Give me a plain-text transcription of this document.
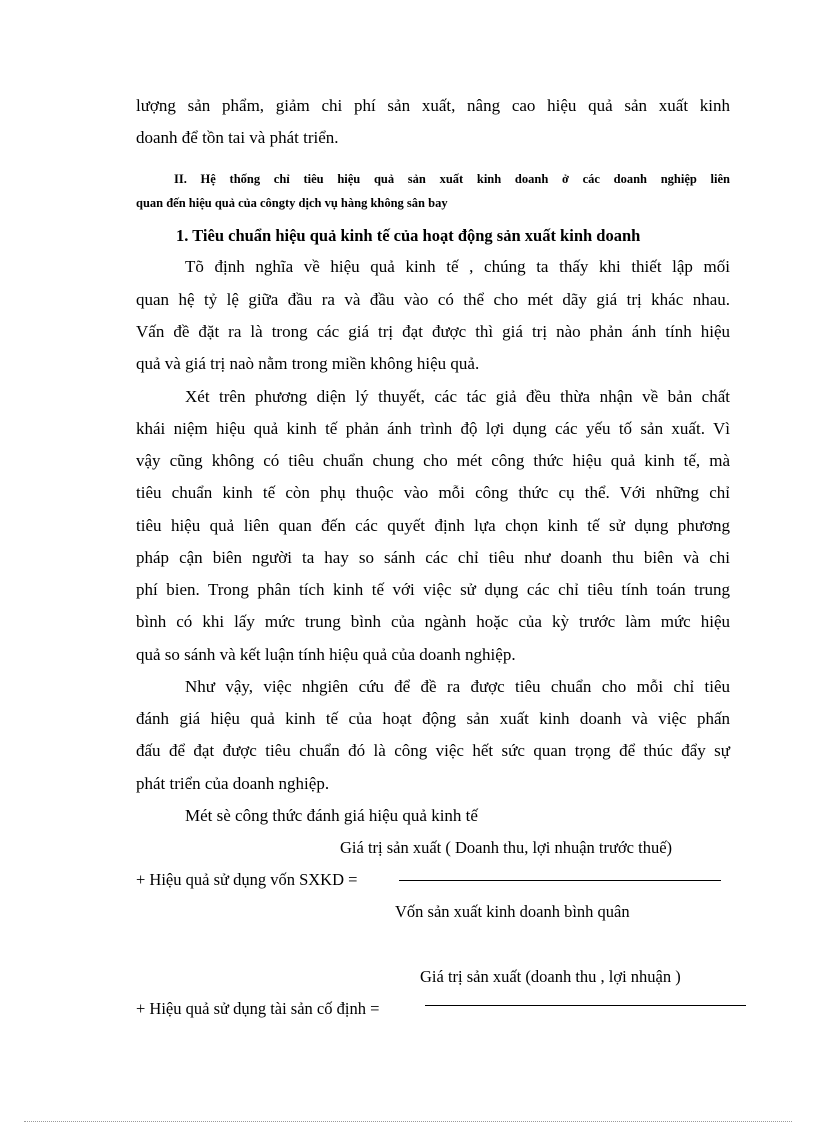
lượng sản phẩm, giảm chi phí sản xuất, nâng cao hiệu quả sản xuất kinh
doanh để tồn tai và phát triển.
II. Hệ thống chỉ tiêu hiệu quả sản xuất kinh doanh ở các doanh nghiệp liên
quan đến hiệu quả của côngty dịch vụ hàng không sân bay
1. Tiêu chuẩn hiệu quả kinh tế của hoạt động sản xuất kinh doanh
Tõ định nghĩa về hiệu quả kinh tế , chúng ta thấy khi thiết lập mối
quan hệ tỷ lệ giữa đầu ra và đầu vào có thể cho mét dãy giá trị khác nhau.
Vấn đề đặt ra là trong các giá trị đạt được thì giá trị nào phản ánh tính hiệu
quả và giá trị naò nằm trong miền không hiệu quả.
Xét trên phương diện lý thuyết, các tác giả đều thừa nhận về bản chất
khái niệm hiệu quả kinh tế phản ánh trình độ lợi dụng các yếu tố sản xuất. Vì
vậy cũng không có tiêu chuẩn chung cho mét công thức hiệu quả kinh tế, mà
tiêu chuẩn kinh tế còn phụ thuộc vào mỗi công thức cụ thể. Với những chỉ
tiêu hiệu quả liên quan đến các quyết định lựa chọn kinh tế sử dụng phương
pháp cận biên người ta hay so sánh các chỉ tiêu như doanh thu biên và chi
phí bien. Trong phân tích kinh tế với việc sử dụng các chỉ tiêu tính toán trung
bình có khi lấy mức trung bình của ngành hoặc của kỳ trước làm mức hiệu
quả so sánh và kết luận tính hiệu quả của doanh nghiệp.
Như vậy, việc nhgiên cứu để đề ra được tiêu chuẩn cho mỗi chỉ tiêu
đánh giá hiệu quả kinh tế của hoạt động sản xuất kinh doanh và việc phấn
đấu để đạt được tiêu chuẩn đó là công việc hết sức quan trọng để thúc đẩy sự
phát triển của doanh nghiệp.
Mét sè công thức đánh giá hiệu quả kinh tế
Giá trị sản xuất ( Doanh thu, lợi nhuận trước thuế)
+ Hiệu quả sử dụng vốn SXKD =
Vốn sản xuất kinh doanh bình quân
Giá trị sản xuất (doanh thu , lợi nhuận )
+ Hiệu quả sử dụng tài sản cố định =
